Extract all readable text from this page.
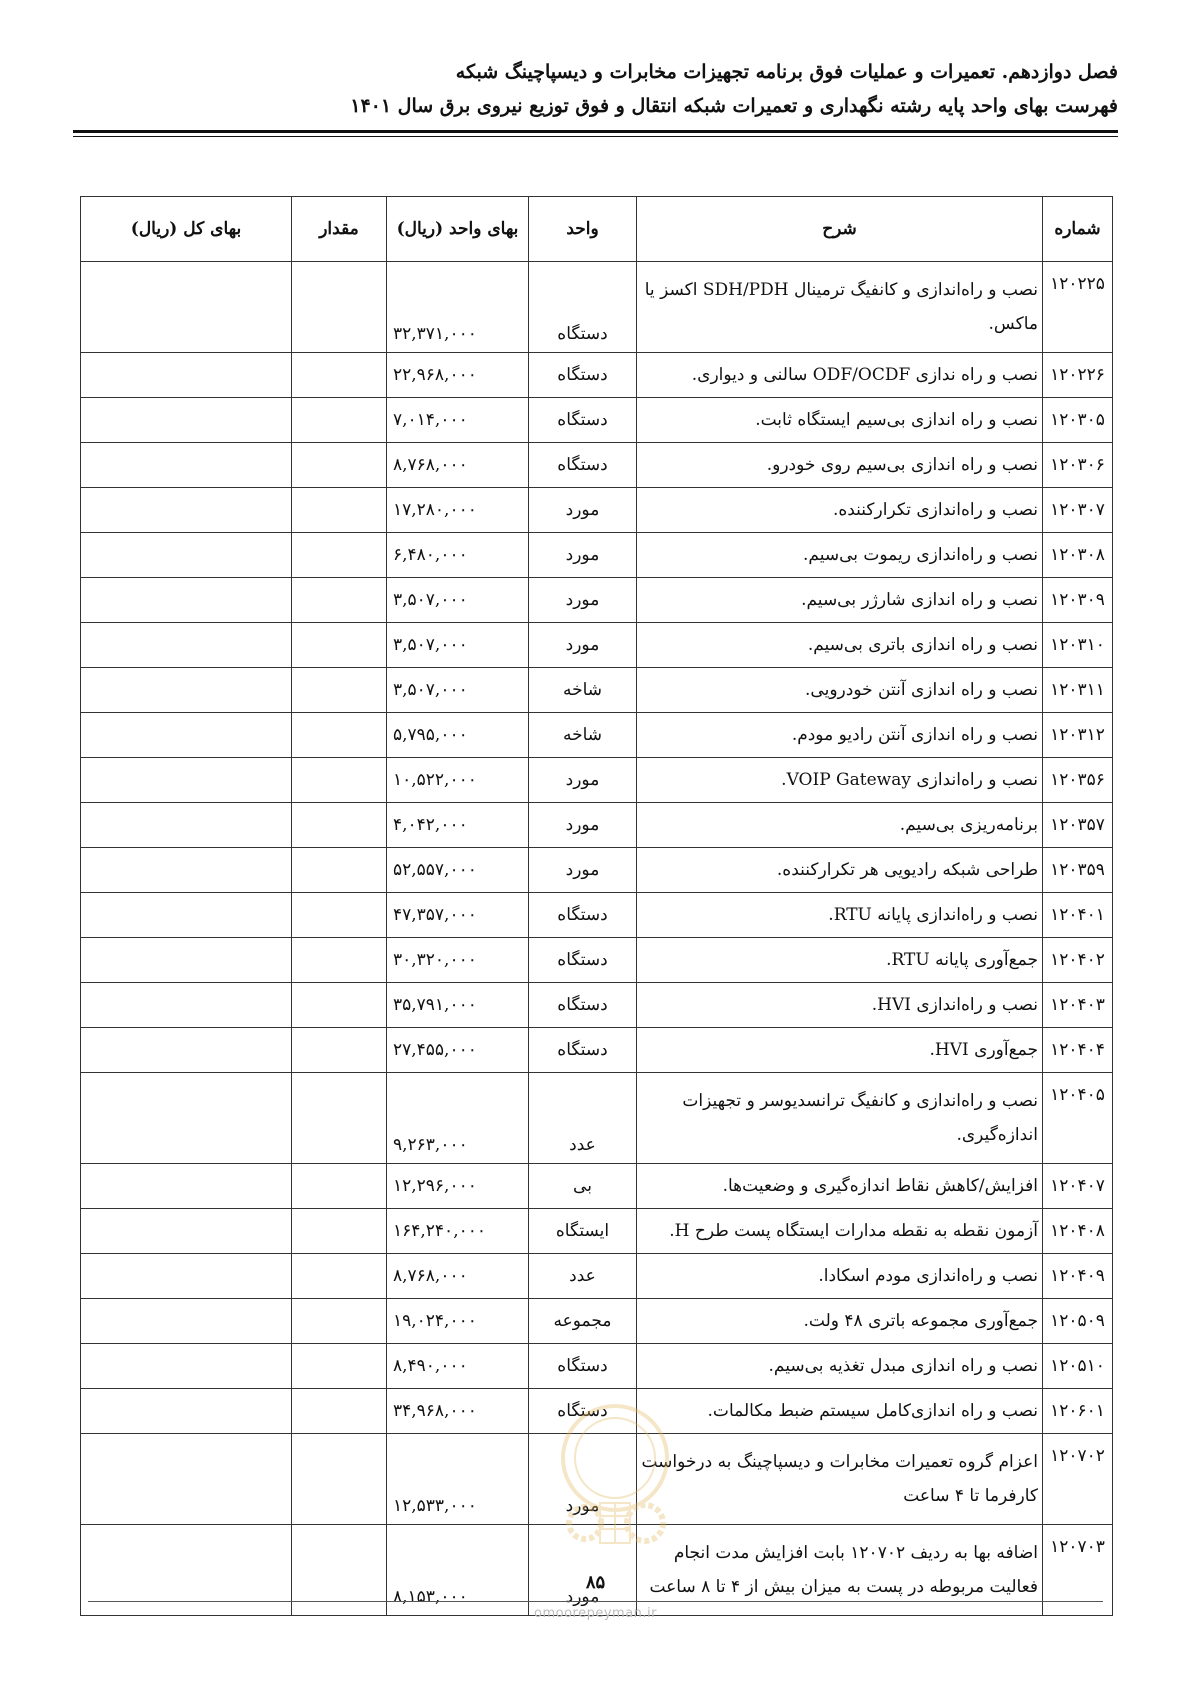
فصل دوازدهم. تعمیرات و عملیات فوق برنامه تجهیزات مخابرات و دیسپاچینگ شبکه
فهرست بهای واحد پایه رشته نگهداری و تعمیرات شبکه انتقال و فوق توزیع نیروی برق سال ۱۴۰۱
شماره	شرح	واحد	بهای واحد (ریال)	مقدار	بهای کل (ریال)
۱۲۰۲۲۵	نصب و راه‌اندازی و کانفیگ ترمینال SDH/PDH اکسز یا ماکس.	دستگاه	۳۲,۳۷۱,۰۰۰		
۱۲۰۲۲۶	نصب و راه ندازی ODF/OCDF سالنی و دیواری.	دستگاه	۲۲,۹۶۸,۰۰۰		
۱۲۰۳۰۵	نصب و راه اندازی بی‌سیم ایستگاه ثابت.	دستگاه	۷,۰۱۴,۰۰۰		
۱۲۰۳۰۶	نصب و راه اندازی بی‌سیم روی خودرو.	دستگاه	۸,۷۶۸,۰۰۰		
۱۲۰۳۰۷	نصب و راه‌اندازی تکرارکننده.	مورد	۱۷,۲۸۰,۰۰۰		
۱۲۰۳۰۸	نصب و راه‌اندازی ریموت بی‌سیم.	مورد	۶,۴۸۰,۰۰۰		
۱۲۰۳۰۹	نصب و راه اندازی شارژر بی‌سیم.	مورد	۳,۵۰۷,۰۰۰		
۱۲۰۳۱۰	نصب و راه اندازی باتری بی‌سیم.	مورد	۳,۵۰۷,۰۰۰		
۱۲۰۳۱۱	نصب و راه اندازی آنتن خودرویی.	شاخه	۳,۵۰۷,۰۰۰		
۱۲۰۳۱۲	نصب و راه اندازی آنتن رادیو مودم.	شاخه	۵,۷۹۵,۰۰۰		
۱۲۰۳۵۶	نصب و راه‌اندازی VOIP Gateway.	مورد	۱۰,۵۲۲,۰۰۰		
۱۲۰۳۵۷	برنامه‌ریزی بی‌سیم.	مورد	۴,۰۴۲,۰۰۰		
۱۲۰۳۵۹	طراحی شبکه رادیویی هر تکرارکننده.	مورد	۵۲,۵۵۷,۰۰۰		
۱۲۰۴۰۱	نصب و راه‌اندازی پایانه RTU.	دستگاه	۴۷,۳۵۷,۰۰۰		
۱۲۰۴۰۲	جمع‌آوری پایانه RTU.	دستگاه	۳۰,۳۲۰,۰۰۰		
۱۲۰۴۰۳	نصب و راه‌اندازی HVI.	دستگاه	۳۵,۷۹۱,۰۰۰		
۱۲۰۴۰۴	جمع‌آوری HVI.	دستگاه	۲۷,۴۵۵,۰۰۰		
۱۲۰۴۰۵	نصب و راه‌اندازی و کانفیگ ترانسدیوسر و تجهیزات اندازه‌گیری.	عدد	۹,۲۶۳,۰۰۰		
۱۲۰۴۰۷	افزایش/کاهش نقاط اندازه‌گیری و وضعیت‌ها.	بی	۱۲,۲۹۶,۰۰۰		
۱۲۰۴۰۸	آزمون نقطه به نقطه مدارات ایستگاه پست طرح H.	ایستگاه	۱۶۴,۲۴۰,۰۰۰		
۱۲۰۴۰۹	نصب و راه‌اندازی مودم اسکادا.	عدد	۸,۷۶۸,۰۰۰		
۱۲۰۵۰۹	جمع‌آوری مجموعه باتری ۴۸ ولت.	مجموعه	۱۹,۰۲۴,۰۰۰		
۱۲۰۵۱۰	نصب و راه اندازی مبدل تغذیه بی‌سیم.	دستگاه	۸,۴۹۰,۰۰۰		
۱۲۰۶۰۱	نصب و راه اندازی‌کامل سیستم ضبط مکالمات.	دستگاه	۳۴,۹۶۸,۰۰۰		
۱۲۰۷۰۲	اعزام گروه تعمیرات مخابرات و دیسپاچینگ به درخواست کارفرما تا ۴ ساعت	مورد	۱۲,۵۳۳,۰۰۰		
۱۲۰۷۰۳	اضافه بها به ردیف ۱۲۰۷۰۲ بابت افزایش مدت انجام فعالیت مربوطه در پست به میزان بیش از ۴ تا ۸ ساعت	مورد	۸,۱۵۳,۰۰۰		
۸۵
omoorepeyman.ir
